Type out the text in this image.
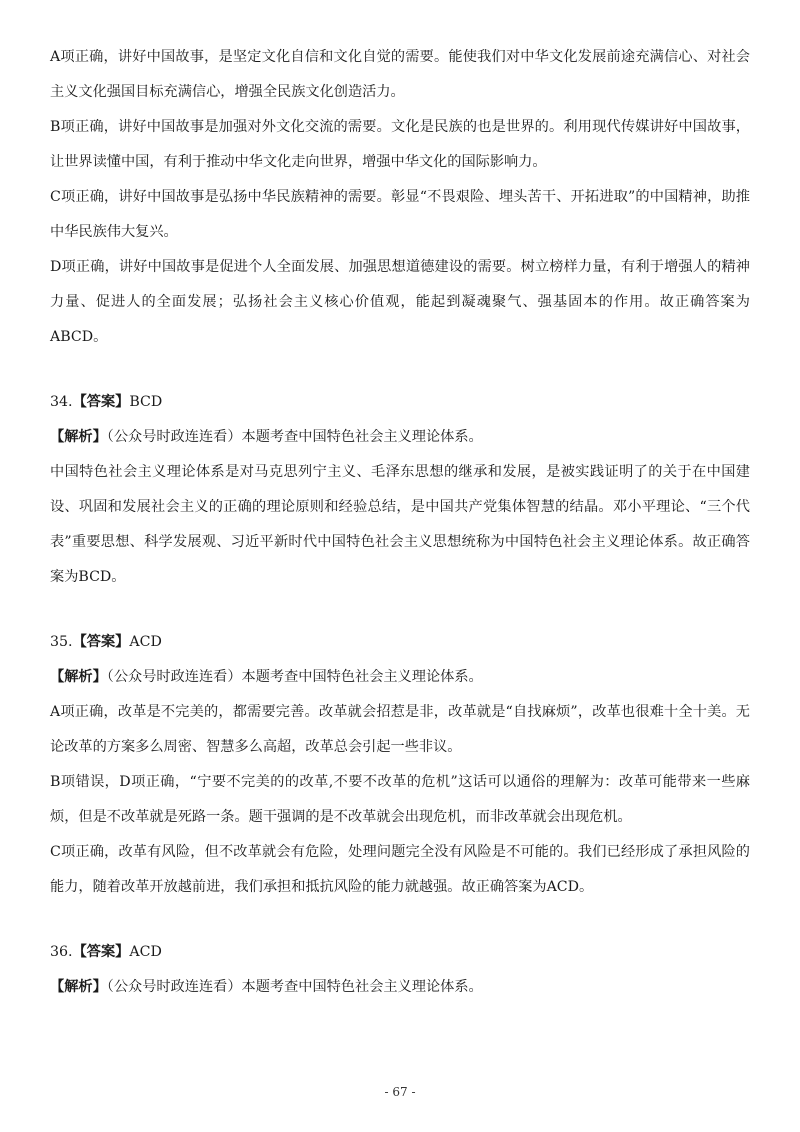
A项正确，讲好中国故事，是坚定文化自信和文化自觉的需要。能使我们对中华文化发展前途充满信心、对社会主义文化强国目标充满信心，增强全民族文化创造活力。

B项正确，讲好中国故事是加强对外文化交流的需要。文化是民族的也是世界的。利用现代传媒讲好中国故事，让世界读懂中国，有利于推动中华文化走向世界，增强中华文化的国际影响力。

C项正确，讲好中国故事是弘扬中华民族精神的需要。彰显“不畏艰险、埋头苦干、开拓进取”的中国精神，助推中华民族伟大复兴。

D项正确，讲好中国故事是促进个人全面发展、加强思想道德建设的需要。树立榜样力量，有利于增强人的精神力量、促进人的全面发展；弘扬社会主义核心价值观，能起到凝魂聚气、强基固本的作用。故正确答案为ABCD。

34.【答案】BCD

【解析】（公众号时政连连看）本题考查中国特色社会主义理论体系。

中国特色社会主义理论体系是对马克思列宁主义、毛泽东思想的继承和发展，是被实践证明了的关于在中国建设、巩固和发展社会主义的正确的理论原则和经验总结，是中国共产党集体智慧的结晶。邓小平理论、“三个代表”重要思想、科学发展观、习近平新时代中国特色社会主义思想统称为中国特色社会主义理论体系。故正确答案为BCD。

35.【答案】ACD

【解析】（公众号时政连连看）本题考查中国特色社会主义理论体系。

A项正确，改革是不完美的，都需要完善。改革就会招惹是非，改革就是“自找麻烦”，改革也很难十全十美。无论改革的方案多么周密、智慧多么高超，改革总会引起一些非议。

B项错误，D项正确，“宁要不完美的的改革,不要不改革的危机”这话可以通俗的理解为：改革可能带来一些麻烦，但是不改革就是死路一条。题干强调的是不改革就会出现危机，而非改革就会出现危机。

C项正确，改革有风险，但不改革就会有危险，处理问题完全没有风险是不可能的。我们已经形成了承担风险的能力，随着改革开放越前进，我们承担和抵抗风险的能力就越强。故正确答案为ACD。

36.【答案】ACD

【解析】（公众号时政连连看）本题考查中国特色社会主义理论体系。

- 67 -
